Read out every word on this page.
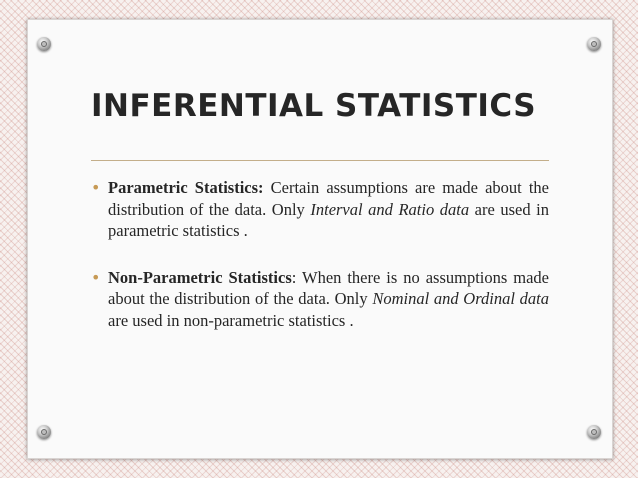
INFERENTIAL STATISTICS
• Parametric Statistics: Certain assumptions are made about the distribution of the data. Only Interval and Ratio data are used in parametric statistics .
• Non-Parametric Statistics: When there is no assumptions made about the distribution of the data. Only Nominal and Ordinal data are used in non-parametric statistics .
